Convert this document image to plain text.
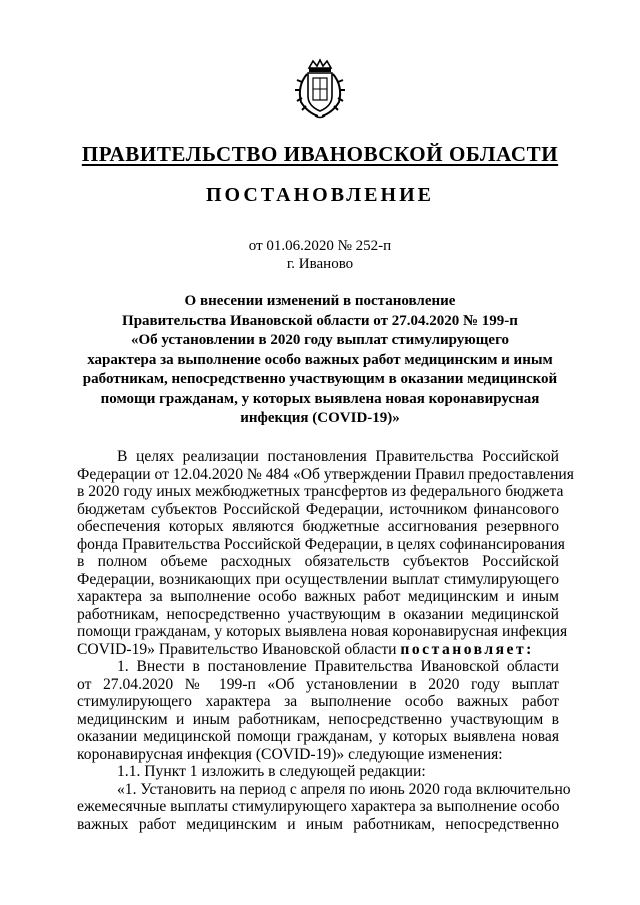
ПРАВИТЕЛЬСТВО ИВАНОВСКОЙ ОБЛАСТИ
ПОСТАНОВЛЕНИЕ
от 01.06.2020 № 252-п
г. Иваново
О внесении изменений в постановление
Правительства Ивановской области от 27.04.2020 № 199-п
«Об установлении в 2020 году выплат стимулирующего
характера за выполнение особо важных работ медицинским и иным
работникам, непосредственно участвующим в оказании медицинской
помощи гражданам, у которых выявлена новая коронавирусная
инфекция (COVID-19)»
В целях реализации постановления Правительства Российской
Федерации от 12.04.2020 № 484 «Об утверждении Правил предоставления
в 2020 году иных межбюджетных трансфертов из федерального бюджета
бюджетам субъектов Российской Федерации, источником финансового
обеспечения которых являются бюджетные ассигнования резервного
фонда Правительства Российской Федерации, в целях софинансирования
в полном объеме расходных обязательств субъектов Российской
Федерации, возникающих при осуществлении выплат стимулирующего
характера за выполнение особо важных работ медицинским и иным
работникам, непосредственно участвующим в оказании медицинской
помощи гражданам, у которых выявлена новая коронавирусная инфекция
COVID-19» Правительство Ивановской области постановляет:
1. Внести в постановление Правительства Ивановской области
от 27.04.2020 № 199-п «Об установлении в 2020 году выплат
стимулирующего характера за выполнение особо важных работ
медицинским и иным работникам, непосредственно участвующим в
оказании медицинской помощи гражданам, у которых выявлена новая
коронавирусная инфекция (COVID-19)» следующие изменения:
1.1. Пункт 1 изложить в следующей редакции:
«1. Установить на период с апреля по июнь 2020 года включительно
ежемесячные выплаты стимулирующего характера за выполнение особо
важных работ медицинским и иным работникам, непосредственно
